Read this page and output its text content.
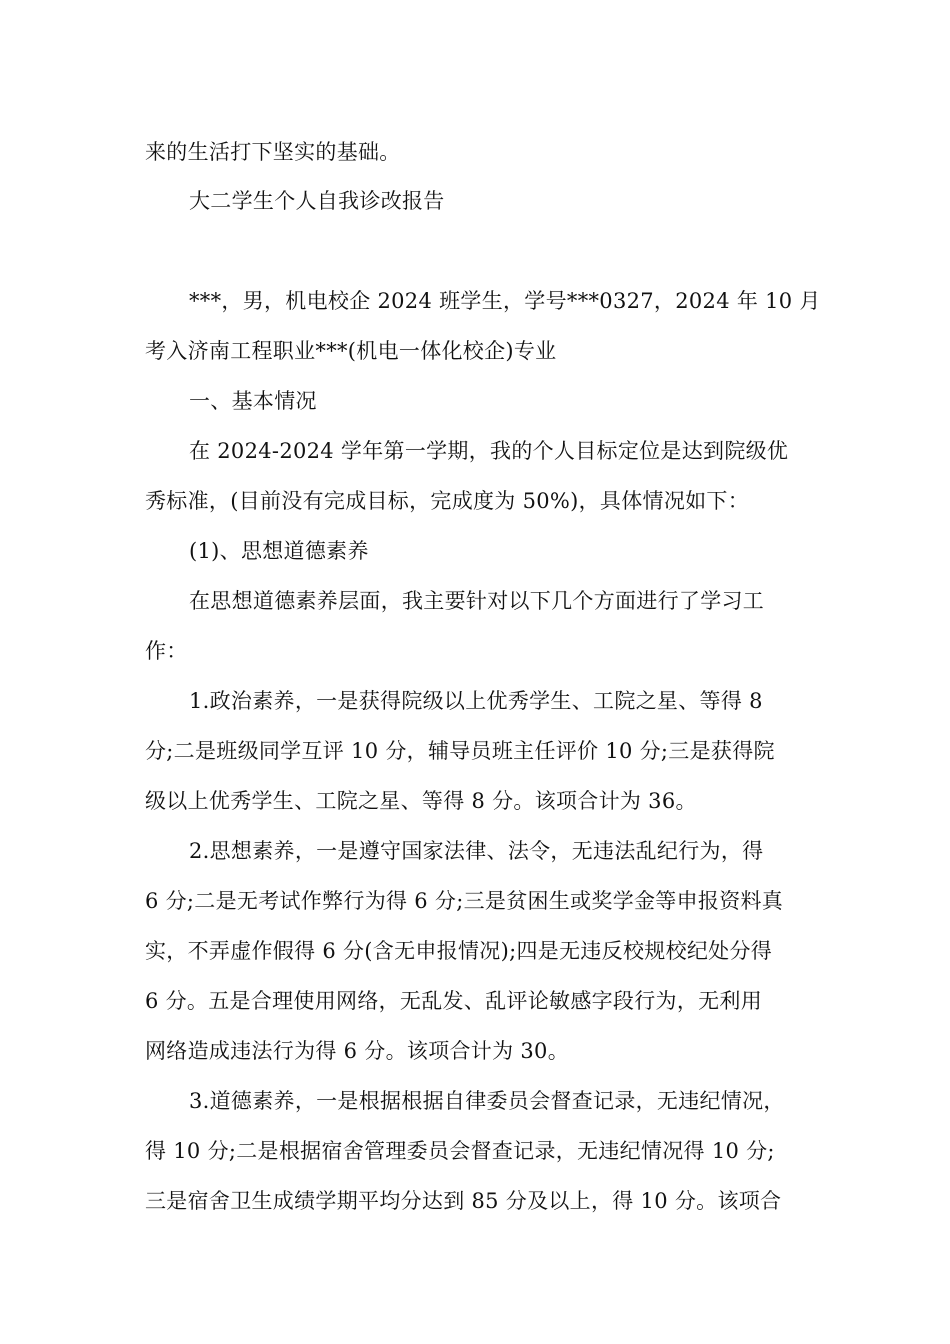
来的生活打下坚实的基础。
大二学生个人自我诊改报告
***，男，机电校企 2024 班学生，学号***0327，2024 年 10 月
考入济南工程职业***(机电一体化校企)专业
一、基本情况
在 2024-2024 学年第一学期，我的个人目标定位是达到院级优
秀标准，(目前没有完成目标，完成度为 50%)，具体情况如下：
(1)、思想道德素养
在思想道德素养层面，我主要针对以下几个方面进行了学习工
作：
1.政治素养，一是获得院级以上优秀学生、工院之星、等得 8
分;二是班级同学互评 10 分，辅导员班主任评价 10 分;三是获得院
级以上优秀学生、工院之星、等得 8 分。该项合计为 36。
2.思想素养，一是遵守国家法律、法令，无违法乱纪行为，得
6 分;二是无考试作弊行为得 6 分;三是贫困生或奖学金等申报资料真
实，不弄虚作假得 6 分(含无申报情况);四是无违反校规校纪处分得
6 分。五是合理使用网络，无乱发、乱评论敏感字段行为，无利用
网络造成违法行为得 6 分。该项合计为 30。
3.道德素养，一是根据根据自律委员会督查记录，无违纪情况，
得 10 分;二是根据宿舍管理委员会督查记录，无违纪情况得 10 分;
三是宿舍卫生成绩学期平均分达到 85 分及以上，得 10 分。该项合
